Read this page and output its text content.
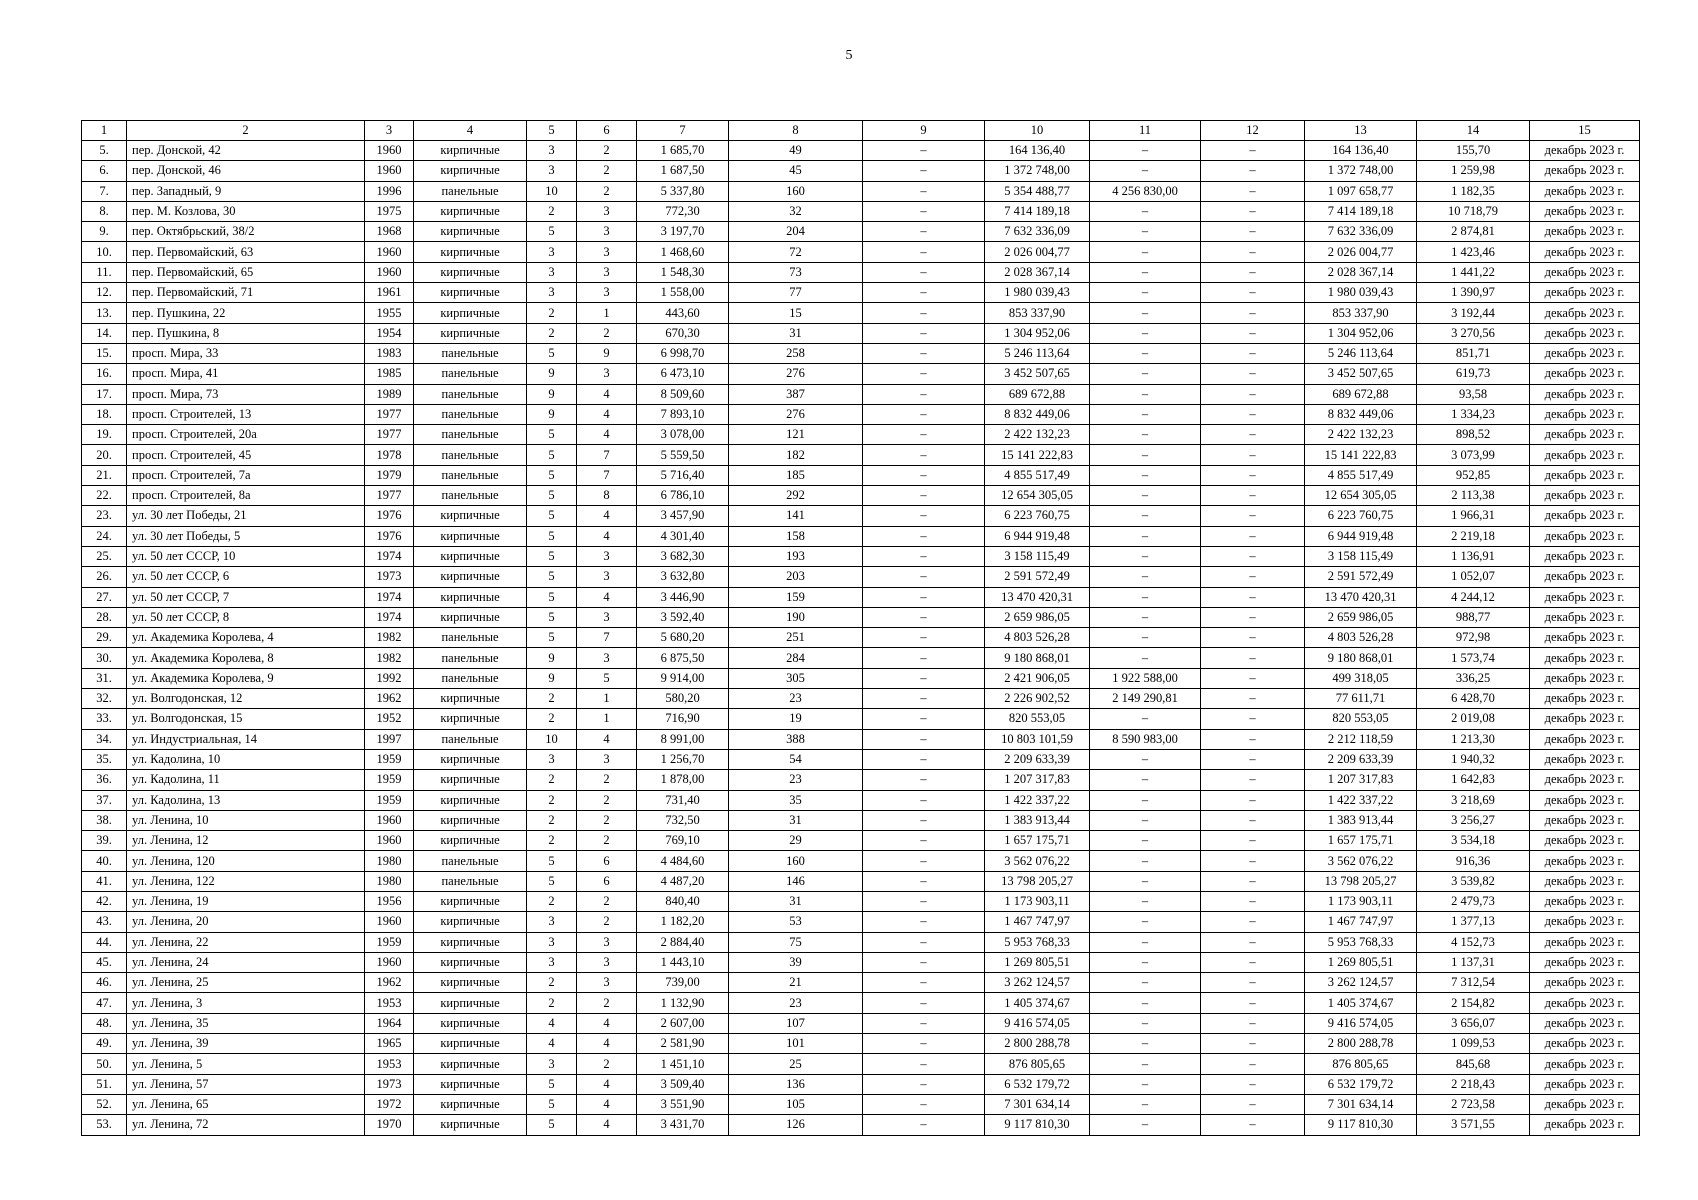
5
1	2	3	4	5	6	7	8	9	10	11	12	13	14	15
5.	пер. Донской, 42	1960	кирпичные	3	2	1 685,70	49	–	164 136,40	–	–	164 136,40	155,70	декабрь 2023 г.
6.	пер. Донской, 46	1960	кирпичные	3	2	1 687,50	45	–	1 372 748,00	–	–	1 372 748,00	1 259,98	декабрь 2023 г.
7.	пер. Западный, 9	1996	панельные	10	2	5 337,80	160	–	5 354 488,77	4 256 830,00	–	1 097 658,77	1 182,35	декабрь 2023 г.
8.	пер. М. Козлова, 30	1975	кирпичные	2	3	772,30	32	–	7 414 189,18	–	–	7 414 189,18	10 718,79	декабрь 2023 г.
9.	пер. Октябрьский, 38/2	1968	кирпичные	5	3	3 197,70	204	–	7 632 336,09	–	–	7 632 336,09	2 874,81	декабрь 2023 г.
10.	пер. Первомайский, 63	1960	кирпичные	3	3	1 468,60	72	–	2 026 004,77	–	–	2 026 004,77	1 423,46	декабрь 2023 г.
11.	пер. Первомайский, 65	1960	кирпичные	3	3	1 548,30	73	–	2 028 367,14	–	–	2 028 367,14	1 441,22	декабрь 2023 г.
12.	пер. Первомайский, 71	1961	кирпичные	3	3	1 558,00	77	–	1 980 039,43	–	–	1 980 039,43	1 390,97	декабрь 2023 г.
13.	пер. Пушкина, 22	1955	кирпичные	2	1	443,60	15	–	853 337,90	–	–	853 337,90	3 192,44	декабрь 2023 г.
14.	пер. Пушкина, 8	1954	кирпичные	2	2	670,30	31	–	1 304 952,06	–	–	1 304 952,06	3 270,56	декабрь 2023 г.
15.	просп. Мира, 33	1983	панельные	5	9	6 998,70	258	–	5 246 113,64	–	–	5 246 113,64	851,71	декабрь 2023 г.
16.	просп. Мира, 41	1985	панельные	9	3	6 473,10	276	–	3 452 507,65	–	–	3 452 507,65	619,73	декабрь 2023 г.
17.	просп. Мира, 73	1989	панельные	9	4	8 509,60	387	–	689 672,88	–	–	689 672,88	93,58	декабрь 2023 г.
18.	просп. Строителей, 13	1977	панельные	9	4	7 893,10	276	–	8 832 449,06	–	–	8 832 449,06	1 334,23	декабрь 2023 г.
19.	просп. Строителей, 20а	1977	панельные	5	4	3 078,00	121	–	2 422 132,23	–	–	2 422 132,23	898,52	декабрь 2023 г.
20.	просп. Строителей, 45	1978	панельные	5	7	5 559,50	182	–	15 141 222,83	–	–	15 141 222,83	3 073,99	декабрь 2023 г.
21.	просп. Строителей, 7а	1979	панельные	5	7	5 716,40	185	–	4 855 517,49	–	–	4 855 517,49	952,85	декабрь 2023 г.
22.	просп. Строителей, 8а	1977	панельные	5	8	6 786,10	292	–	12 654 305,05	–	–	12 654 305,05	2 113,38	декабрь 2023 г.
23.	ул. 30 лет Победы, 21	1976	кирпичные	5	4	3 457,90	141	–	6 223 760,75	–	–	6 223 760,75	1 966,31	декабрь 2023 г.
24.	ул. 30 лет Победы, 5	1976	кирпичные	5	4	4 301,40	158	–	6 944 919,48	–	–	6 944 919,48	2 219,18	декабрь 2023 г.
25.	ул. 50 лет СССР, 10	1974	кирпичные	5	3	3 682,30	193	–	3 158 115,49	–	–	3 158 115,49	1 136,91	декабрь 2023 г.
26.	ул. 50 лет СССР, 6	1973	кирпичные	5	3	3 632,80	203	–	2 591 572,49	–	–	2 591 572,49	1 052,07	декабрь 2023 г.
27.	ул. 50 лет СССР, 7	1974	кирпичные	5	4	3 446,90	159	–	13 470 420,31	–	–	13 470 420,31	4 244,12	декабрь 2023 г.
28.	ул. 50 лет СССР, 8	1974	кирпичные	5	3	3 592,40	190	–	2 659 986,05	–	–	2 659 986,05	988,77	декабрь 2023 г.
29.	ул. Академика Королева, 4	1982	панельные	5	7	5 680,20	251	–	4 803 526,28	–	–	4 803 526,28	972,98	декабрь 2023 г.
30.	ул. Академика Королева, 8	1982	панельные	9	3	6 875,50	284	–	9 180 868,01	–	–	9 180 868,01	1 573,74	декабрь 2023 г.
31.	ул. Академика Королева, 9	1992	панельные	9	5	9 914,00	305	–	2 421 906,05	1 922 588,00	–	499 318,05	336,25	декабрь 2023 г.
32.	ул. Волгодонская, 12	1962	кирпичные	2	1	580,20	23	–	2 226 902,52	2 149 290,81	–	77 611,71	6 428,70	декабрь 2023 г.
33.	ул. Волгодонская, 15	1952	кирпичные	2	1	716,90	19	–	820 553,05	–	–	820 553,05	2 019,08	декабрь 2023 г.
34.	ул. Индустриальная, 14	1997	панельные	10	4	8 991,00	388	–	10 803 101,59	8 590 983,00	–	2 212 118,59	1 213,30	декабрь 2023 г.
35.	ул. Кадолина, 10	1959	кирпичные	3	3	1 256,70	54	–	2 209 633,39	–	–	2 209 633,39	1 940,32	декабрь 2023 г.
36.	ул. Кадолина, 11	1959	кирпичные	2	2	1 878,00	23	–	1 207 317,83	–	–	1 207 317,83	1 642,83	декабрь 2023 г.
37.	ул. Кадолина, 13	1959	кирпичные	2	2	731,40	35	–	1 422 337,22	–	–	1 422 337,22	3 218,69	декабрь 2023 г.
38.	ул. Ленина, 10	1960	кирпичные	2	2	732,50	31	–	1 383 913,44	–	–	1 383 913,44	3 256,27	декабрь 2023 г.
39.	ул. Ленина, 12	1960	кирпичные	2	2	769,10	29	–	1 657 175,71	–	–	1 657 175,71	3 534,18	декабрь 2023 г.
40.	ул. Ленина, 120	1980	панельные	5	6	4 484,60	160	–	3 562 076,22	–	–	3 562 076,22	916,36	декабрь 2023 г.
41.	ул. Ленина, 122	1980	панельные	5	6	4 487,20	146	–	13 798 205,27	–	–	13 798 205,27	3 539,82	декабрь 2023 г.
42.	ул. Ленина, 19	1956	кирпичные	2	2	840,40	31	–	1 173 903,11	–	–	1 173 903,11	2 479,73	декабрь 2023 г.
43.	ул. Ленина, 20	1960	кирпичные	3	2	1 182,20	53	–	1 467 747,97	–	–	1 467 747,97	1 377,13	декабрь 2023 г.
44.	ул. Ленина, 22	1959	кирпичные	3	3	2 884,40	75	–	5 953 768,33	–	–	5 953 768,33	4 152,73	декабрь 2023 г.
45.	ул. Ленина, 24	1960	кирпичные	3	3	1 443,10	39	–	1 269 805,51	–	–	1 269 805,51	1 137,31	декабрь 2023 г.
46.	ул. Ленина, 25	1962	кирпичные	2	3	739,00	21	–	3 262 124,57	–	–	3 262 124,57	7 312,54	декабрь 2023 г.
47.	ул. Ленина, 3	1953	кирпичные	2	2	1 132,90	23	–	1 405 374,67	–	–	1 405 374,67	2 154,82	декабрь 2023 г.
48.	ул. Ленина, 35	1964	кирпичные	4	4	2 607,00	107	–	9 416 574,05	–	–	9 416 574,05	3 656,07	декабрь 2023 г.
49.	ул. Ленина, 39	1965	кирпичные	4	4	2 581,90	101	–	2 800 288,78	–	–	2 800 288,78	1 099,53	декабрь 2023 г.
50.	ул. Ленина, 5	1953	кирпичные	3	2	1 451,10	25	–	876 805,65	–	–	876 805,65	845,68	декабрь 2023 г.
51.	ул. Ленина, 57	1973	кирпичные	5	4	3 509,40	136	–	6 532 179,72	–	–	6 532 179,72	2 218,43	декабрь 2023 г.
52.	ул. Ленина, 65	1972	кирпичные	5	4	3 551,90	105	–	7 301 634,14	–	–	7 301 634,14	2 723,58	декабрь 2023 г.
53.	ул. Ленина, 72	1970	кирпичные	5	4	3 431,70	126	–	9 117 810,30	–	–	9 117 810,30	3 571,55	декабрь 2023 г.
